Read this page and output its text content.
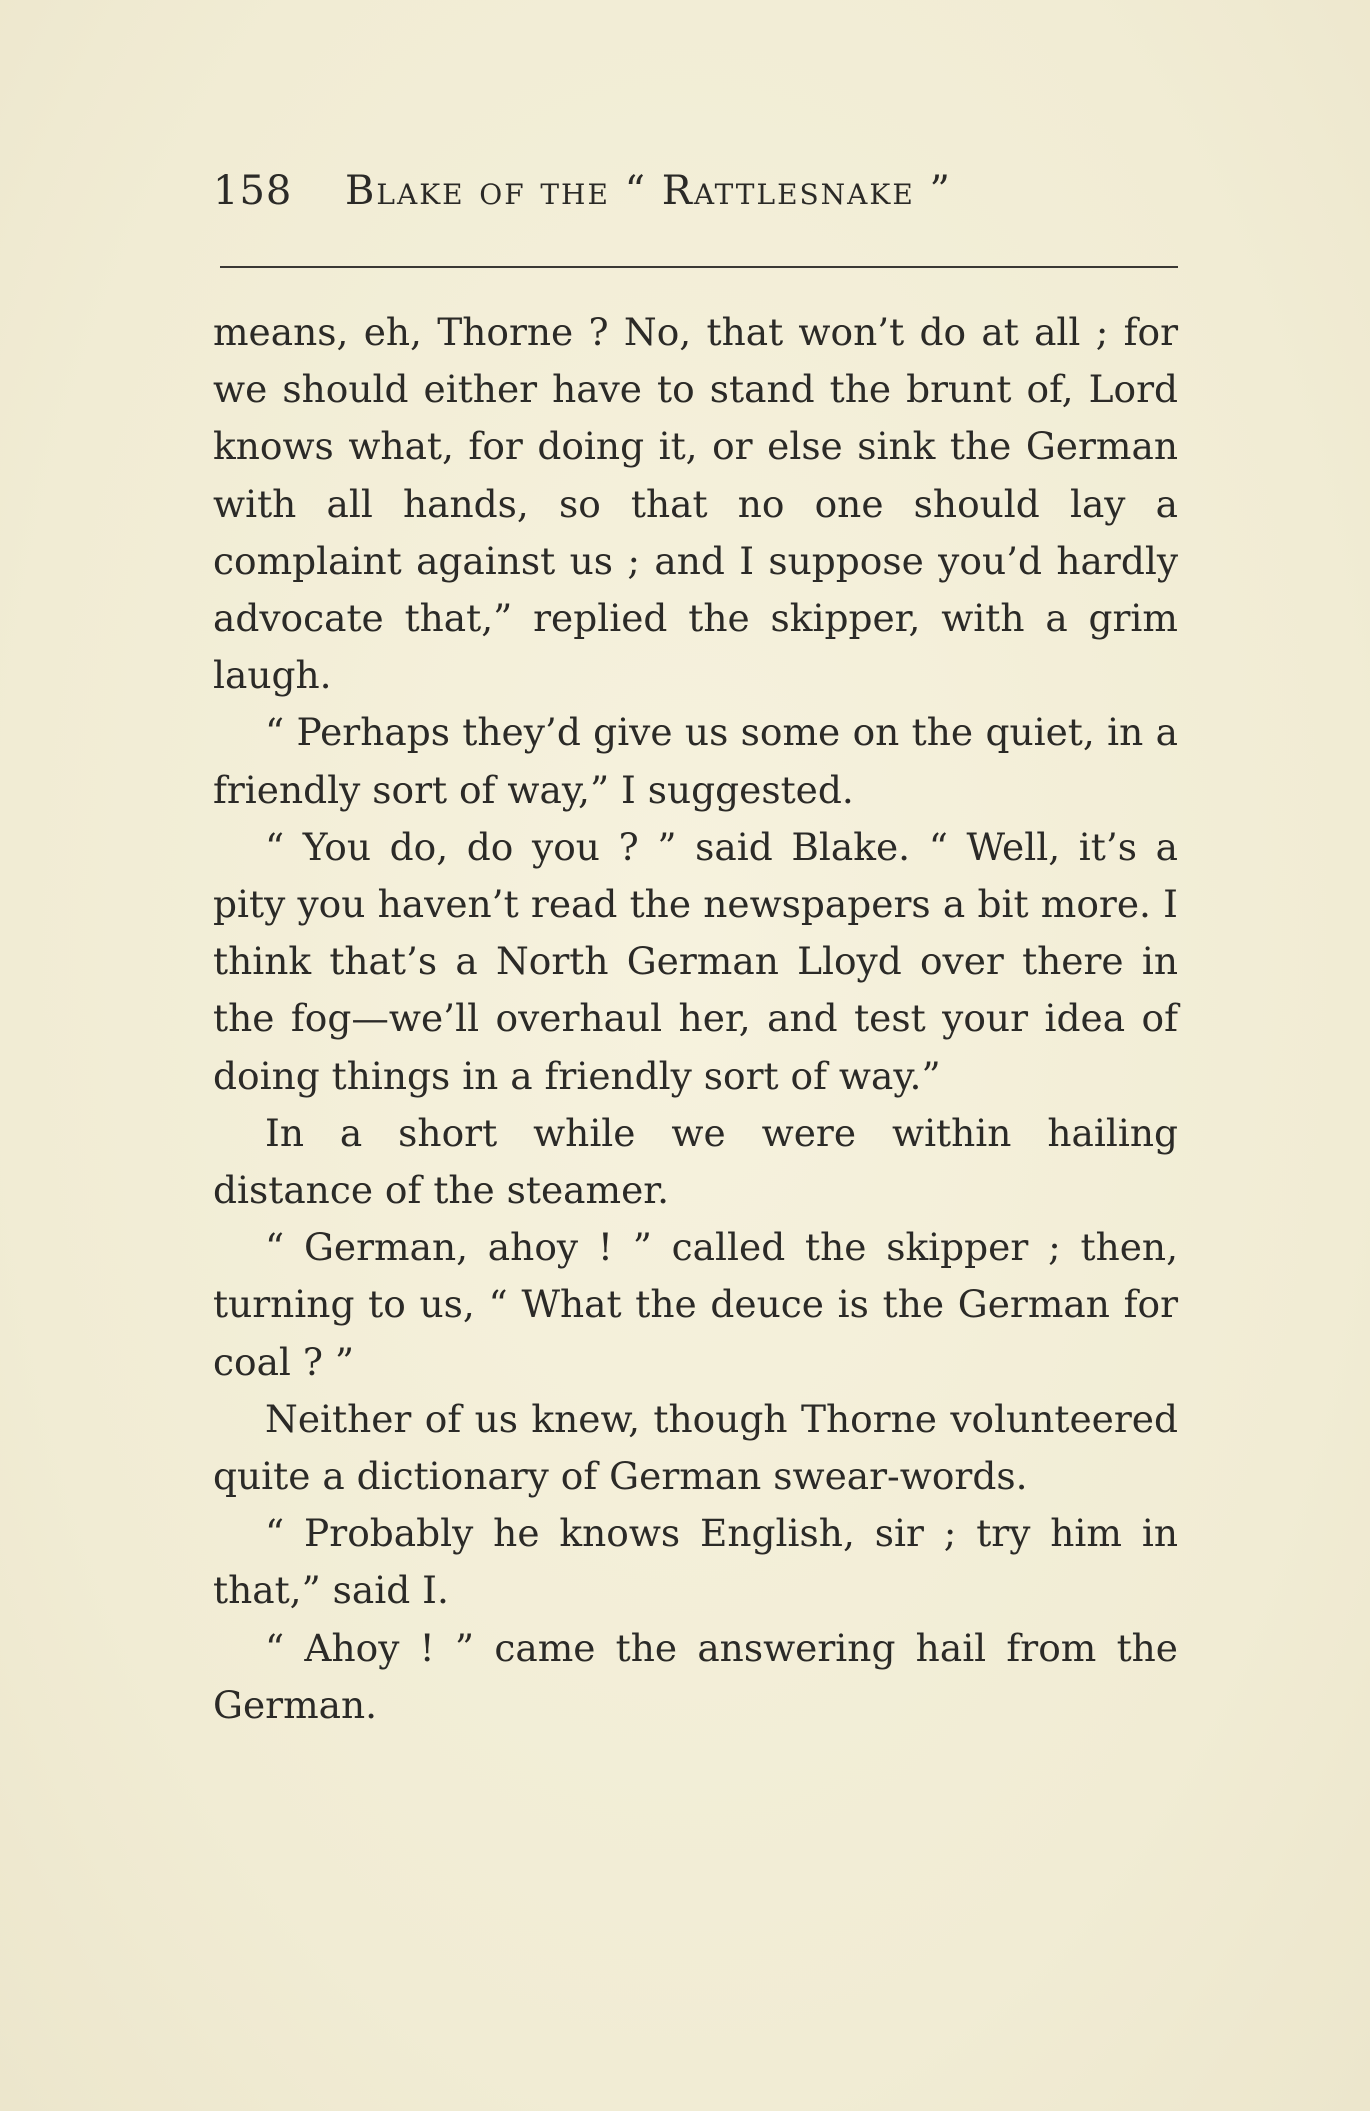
158 Blake of the “ Rattlesnake ”

means, eh, Thorne ? No, that won’t do at all ; for we should either have to stand the brunt of, Lord knows what, for doing it, or else sink the German with all hands, so that no one should lay a complaint against us ; and I suppose you’d hardly advocate that,” replied the skipper, with a grim laugh.

“ Perhaps they’d give us some on the quiet, in a friendly sort of way,” I suggested.

“ You do, do you ? ” said Blake. “ Well, it’s a pity you haven’t read the newspapers a bit more. I think that’s a North German Lloyd over there in the fog—we’ll overhaul her, and test your idea of doing things in a friendly sort of way.”

In a short while we were within hailing distance of the steamer.

“ German, ahoy ! ” called the skipper ; then, turning to us, “ What the deuce is the German for coal ? ”

Neither of us knew, though Thorne volunteered quite a dictionary of German swear-words.

“ Probably he knows English, sir ; try him in that,” said I.

“ Ahoy ! ” came the answering hail from the German.
